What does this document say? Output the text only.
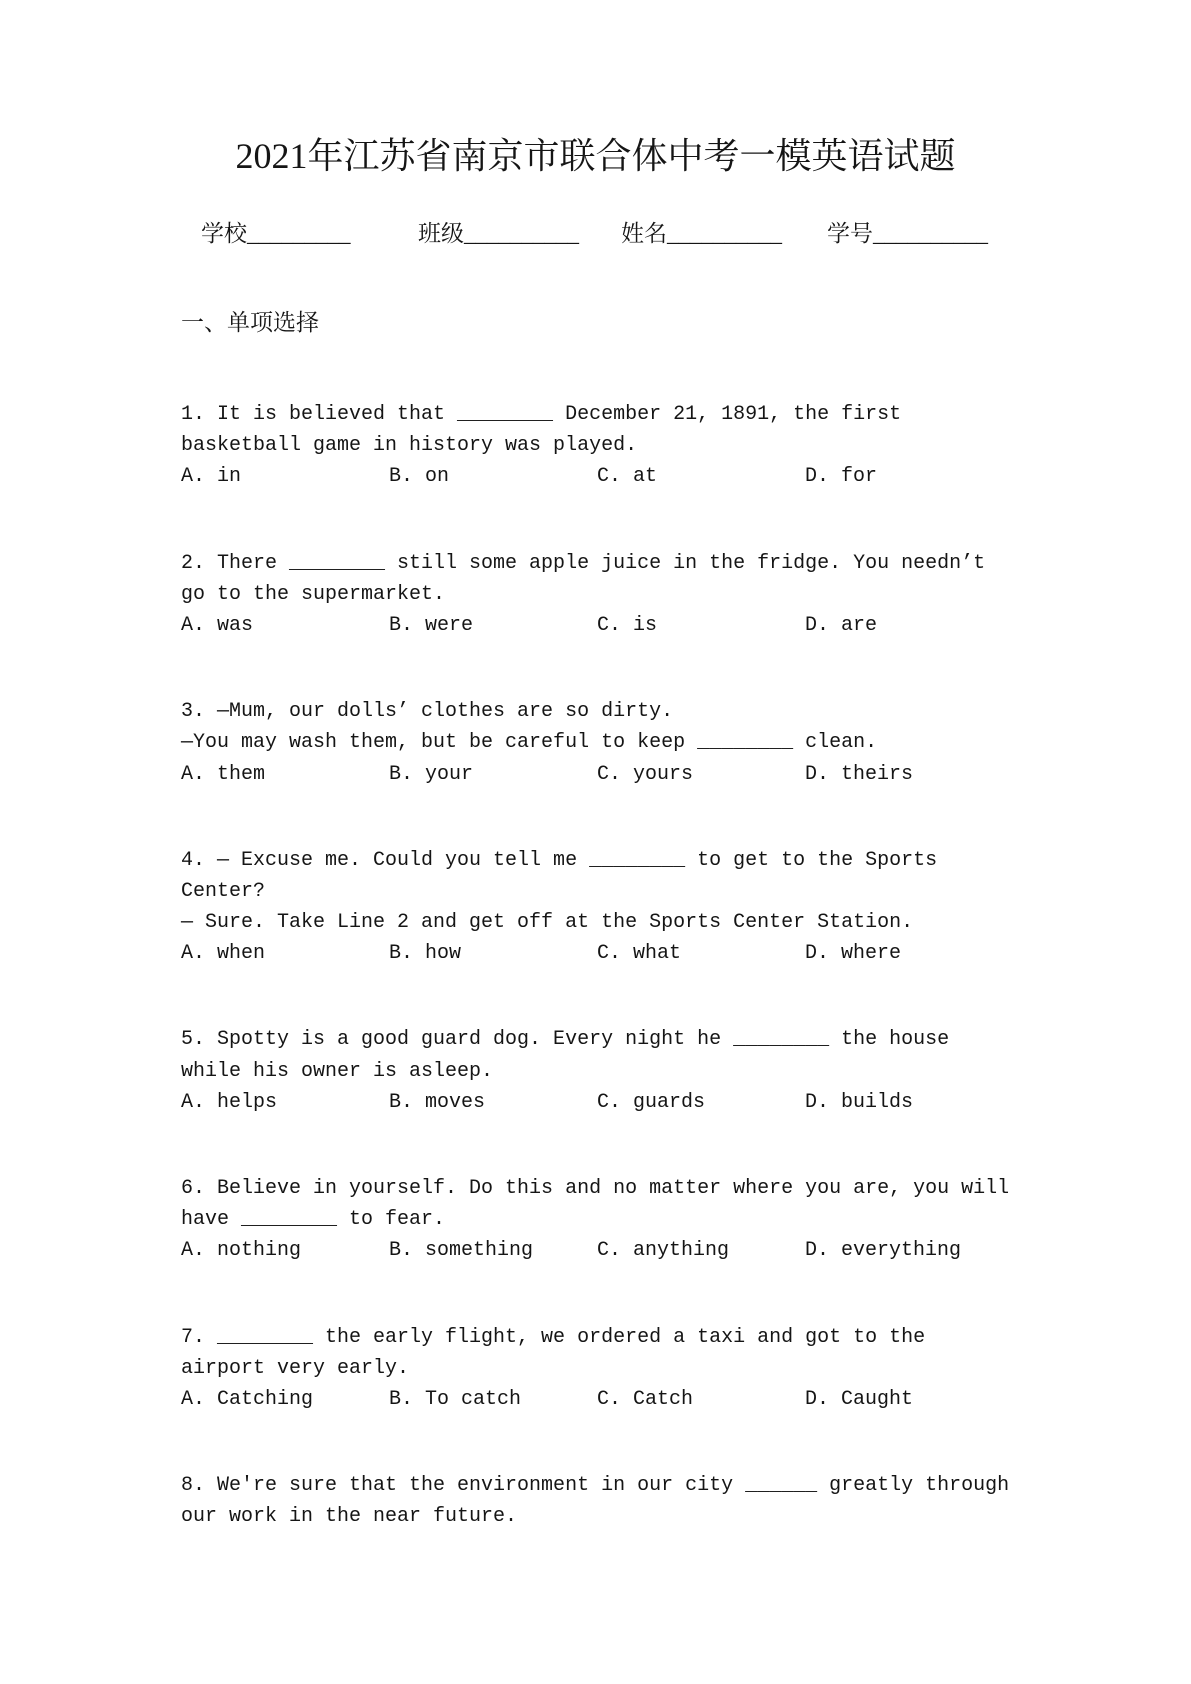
2021年江苏省南京市联合体中考一模英语试题
学校_________	班级__________ 姓名__________ 学号__________
一、单项选择
1. It is believed that ________ December 21, 1891, the first
basketball game in history was played.
A. in	B. on	C. at	D. for
2. There ________ still some apple juice in the fridge. You needn’t
go to the supermarket.
A. was	B. were	C. is	D. are
3. —Mum, our dolls’ clothes are so dirty.
—You may wash them, but be careful to keep ________ clean.
A. them	B. your	C. yours	D. theirs
4. — Excuse me. Could you tell me ________ to get to the Sports
Center?
— Sure. Take Line 2 and get off at the Sports Center Station.
A. when	B. how	C. what	D. where
5. Spotty is a good guard dog. Every night he ________ the house
while his owner is asleep.
A. helps	B. moves	C. guards	D. builds
6. Believe in yourself. Do this and no matter where you are, you will
have ________ to fear.
A. nothing	B. something	C. anything	D. everything
7. ________ the early flight, we ordered a taxi and got to the
airport very early.
A. Catching	B. To catch	C. Catch	D. Caught
8. We're sure that the environment in our city ______ greatly through
our work in the near future.
